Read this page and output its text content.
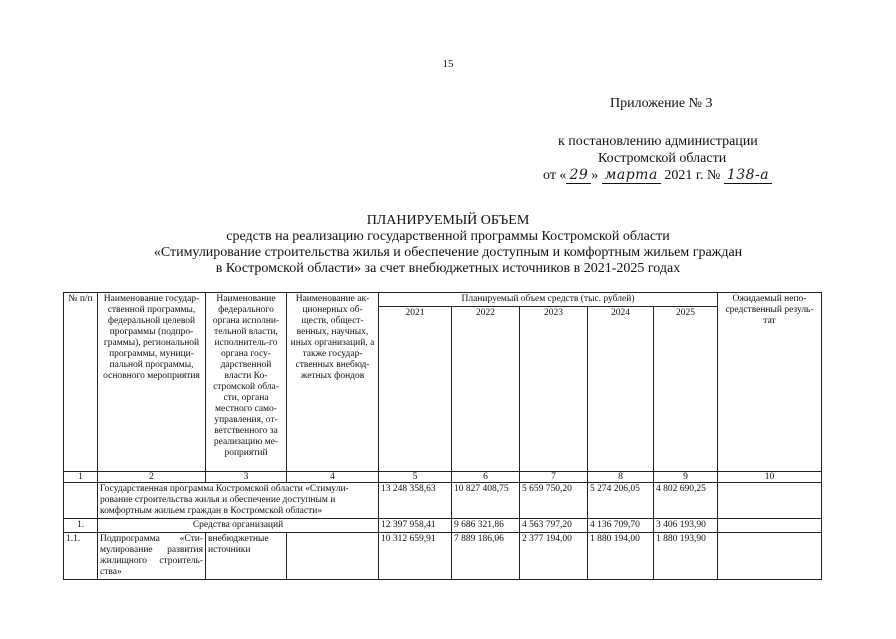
15
Приложение № 3
к постановлению администрации
Костромской области
от « 29 » марта 2021 г. № 138-а
ПЛАНИРУЕМЫЙ ОБЪЕМ
средств на реализацию государственной программы Костромской области
«Стимулирование строительства жилья и обеспечение доступным и комфортным жильем граждан
в Костромской области» за счет внебюджетных источников в 2021-2025 годах
№ п/п	Наименование государ-ственной программы, федеральной целевой программы (подпро-граммы), региональной программы, муници-пальной программы, основного мероприятия	Наименование федерального органа исполни-тельной власти, исполнитель-го органа госу-дарственной власти Ко-стромской обла-сти, органа местного само-управления, от-ветственного за реализацию ме-роприятий	Наименование ак-ционерных об-ществ, общест-венных, научных, иных организаций, а также государ-ственных внебюд-жетных фондов	Планируемый объем средств (тыс. рублей)					Ожидаемый непо-средственный резуль-тат
				2021	2022	2023	2024	2025	
1	2	3	4	5	6	7	8	9	10
	Государственная программа Костромской области «Стимули-рование строительства жилья и обеспечение доступным и комфортным жильем граждан в Костромской области»			13 248 358,63	10 827 408,75	5 659 750,20	5 274 206,05	4 802 690,25	
1.	Средства организаций			12 397 958,41	9 686 321,86	4 563 797,20	4 136 709,70	3 406 193,90	
1.1.	Подпрограмма «Сти-мулирование развития жилищного строитель-ства»	внебюджетные источники		10 312 659,91	7 889 186,06	2 377 194,00	1 880 194,00	1 880 193,90	
